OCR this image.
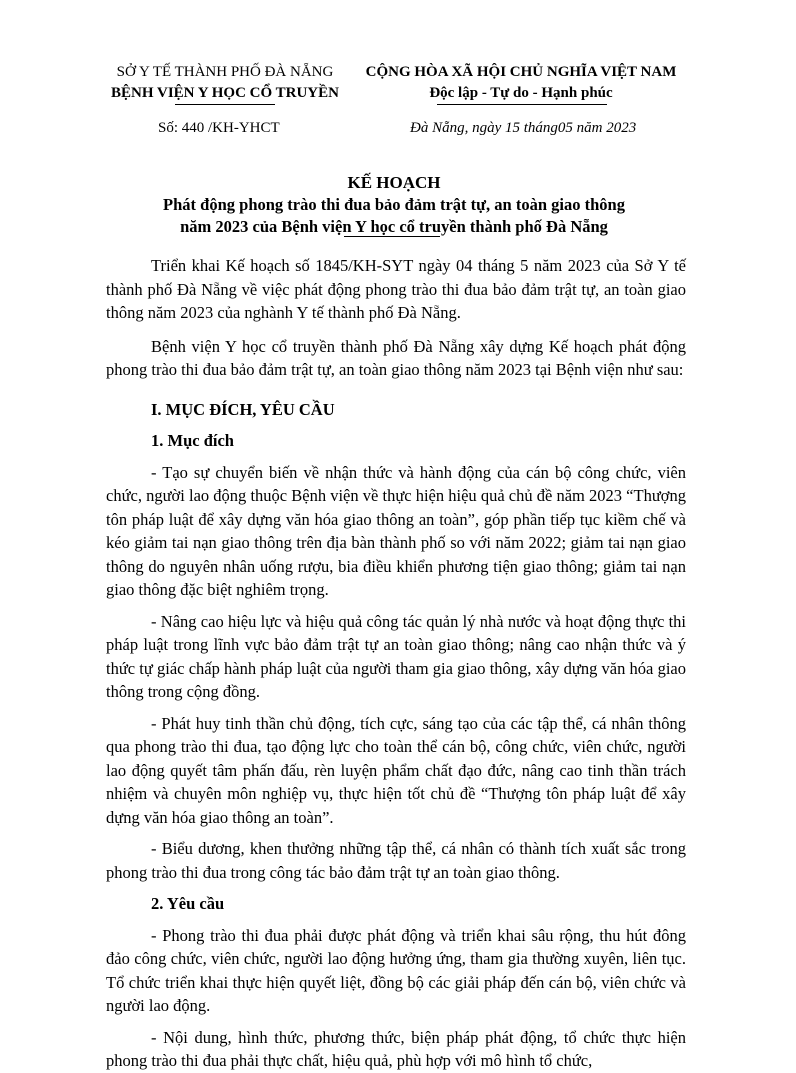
SỞ Y TẾ THÀNH PHỐ ĐÀ NẴNG
BỆNH VIỆN Y HỌC CỔ TRUYỀN
CỘNG HÒA XÃ HỘI CHỦ NGHĨA VIỆT NAM
Độc lập - Tự do - Hạnh phúc
Số: 440 /KH-YHCT	Đà Nẵng, ngày 15 tháng05 năm 2023
KẾ HOẠCH
Phát động phong trào thi đua bảo đảm trật tự, an toàn giao thông
năm 2023 của Bệnh viện Y học cổ truyền thành phố Đà Nẵng

Triển khai Kế hoạch số 1845/KH-SYT ngày 04 tháng 5 năm 2023 của Sở Y tế thành phố Đà Nẵng về việc phát động phong trào thi đua bảo đảm trật tự, an toàn giao thông năm 2023 của nghành Y tế thành phố Đà Nẵng.

Bệnh viện Y học cổ truyền thành phố Đà Nẵng xây dựng Kế hoạch phát động phong trào thi đua bảo đảm trật tự, an toàn giao thông năm 2023 tại Bệnh viện như sau:

I. MỤC ĐÍCH, YÊU CẦU
1. Mục đích

- Tạo sự chuyển biến về nhận thức và hành động của cán bộ công chức, viên chức, người lao động thuộc Bệnh viện về thực hiện hiệu quả chủ đề năm 2023 “Thượng tôn pháp luật để xây dựng văn hóa giao thông an toàn”, góp phần tiếp tục kiềm chế và kéo giảm tai nạn giao thông trên địa bàn thành phố so với năm 2022; giảm tai nạn giao thông do nguyên nhân uống rượu, bia điều khiển phương tiện giao thông; giảm tai nạn giao thông đặc biệt nghiêm trọng.

- Nâng cao hiệu lực và hiệu quả công tác quản lý nhà nước và hoạt động thực thi pháp luật trong lĩnh vực bảo đảm trật tự an toàn giao thông; nâng cao nhận thức và ý thức tự giác chấp hành pháp luật của người tham gia giao thông, xây dựng văn hóa giao thông trong cộng đồng.

- Phát huy tinh thần chủ động, tích cực, sáng tạo của các tập thể, cá nhân thông qua phong trào thi đua, tạo động lực cho toàn thể cán bộ, công chức, viên chức, người lao động quyết tâm phấn đấu, rèn luyện phẩm chất đạo đức, nâng cao tinh thần trách nhiệm và chuyên môn nghiệp vụ, thực hiện tốt chủ đề “Thượng tôn pháp luật để xây dựng văn hóa giao thông an toàn”.

- Biểu dương, khen thưởng những tập thể, cá nhân có thành tích xuất sắc trong phong trào thi đua trong công tác bảo đảm trật tự an toàn giao thông.

2. Yêu cầu

- Phong trào thi đua phải được phát động và triển khai sâu rộng, thu hút đông đảo công chức, viên chức, người lao động hưởng ứng, tham gia thường xuyên, liên tục. Tổ chức triển khai thực hiện quyết liệt, đồng bộ các giải pháp đến cán bộ, viên chức và người lao động.

- Nội dung, hình thức, phương thức, biện pháp phát động, tổ chức thực hiện phong trào thi đua phải thực chất, hiệu quả, phù hợp với mô hình tổ chức,
